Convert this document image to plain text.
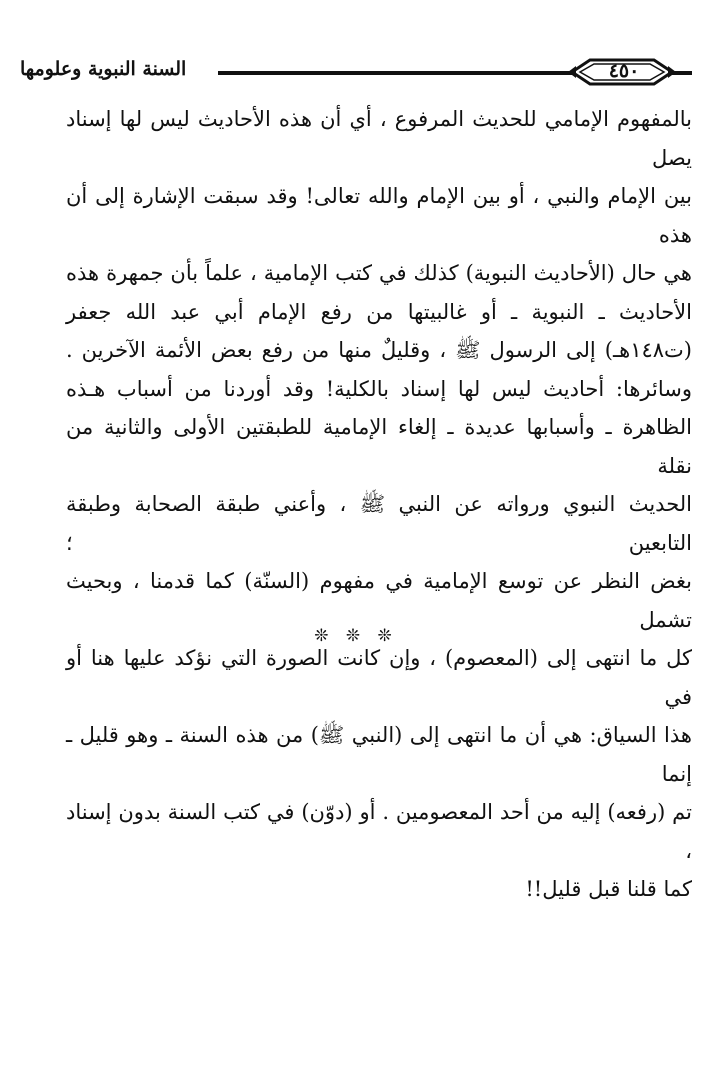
السنة النبوية وعلومها	٤٥٠

بالمفهوم الإمامي للحديث المرفوع ، أي أن هذه الأحاديث ليس لها إسناد يصل

بين الإمام والنبي ، أو بين الإمام والله تعالى! وقد سبقت الإشارة إلى أن هذه

هي حال (الأحاديث النبوية) كذلك في كتب الإمامية ، علماً بأن جمهرة هذه

الأحاديث ـ النبوية ـ أو غالبيتها من رفع الإمام أبي عبد الله جعفر

(ت١٤٨هـ) إلى الرسول ﷺ ، وقليلٌ منها من رفع بعض الأئمة الآخرين .

وسائرها: أحاديث ليس لها إسناد بالكلية! وقد أوردنا من أسباب هـذه

الظاهرة ـ وأسبابها عديدة ـ إلغاء الإمامية للطبقتين الأولى والثانية من نقلة

الحديث النبوي ورواته عن النبي ﷺ ، وأعني طبقة الصحابة وطبقة التابعين ؛

بغض النظر عن توسع الإمامية في مفهوم (السنّة) كما قدمنا ، وبحيث تشمل

كل ما انتهى إلى (المعصوم) ، وإن كانت الصورة التي نؤكد عليها هنا أو في

هذا السياق: هي أن ما انتهى إلى (النبي ﷺ) من هذه السنة ـ وهو قليل ـ إنما

تم (رفعه) إليه من أحد المعصومين . أو (دوّن) في كتب السنة بدون إسناد ،

كما قلنا قبل قليل!!

❊ ❊ ❊
